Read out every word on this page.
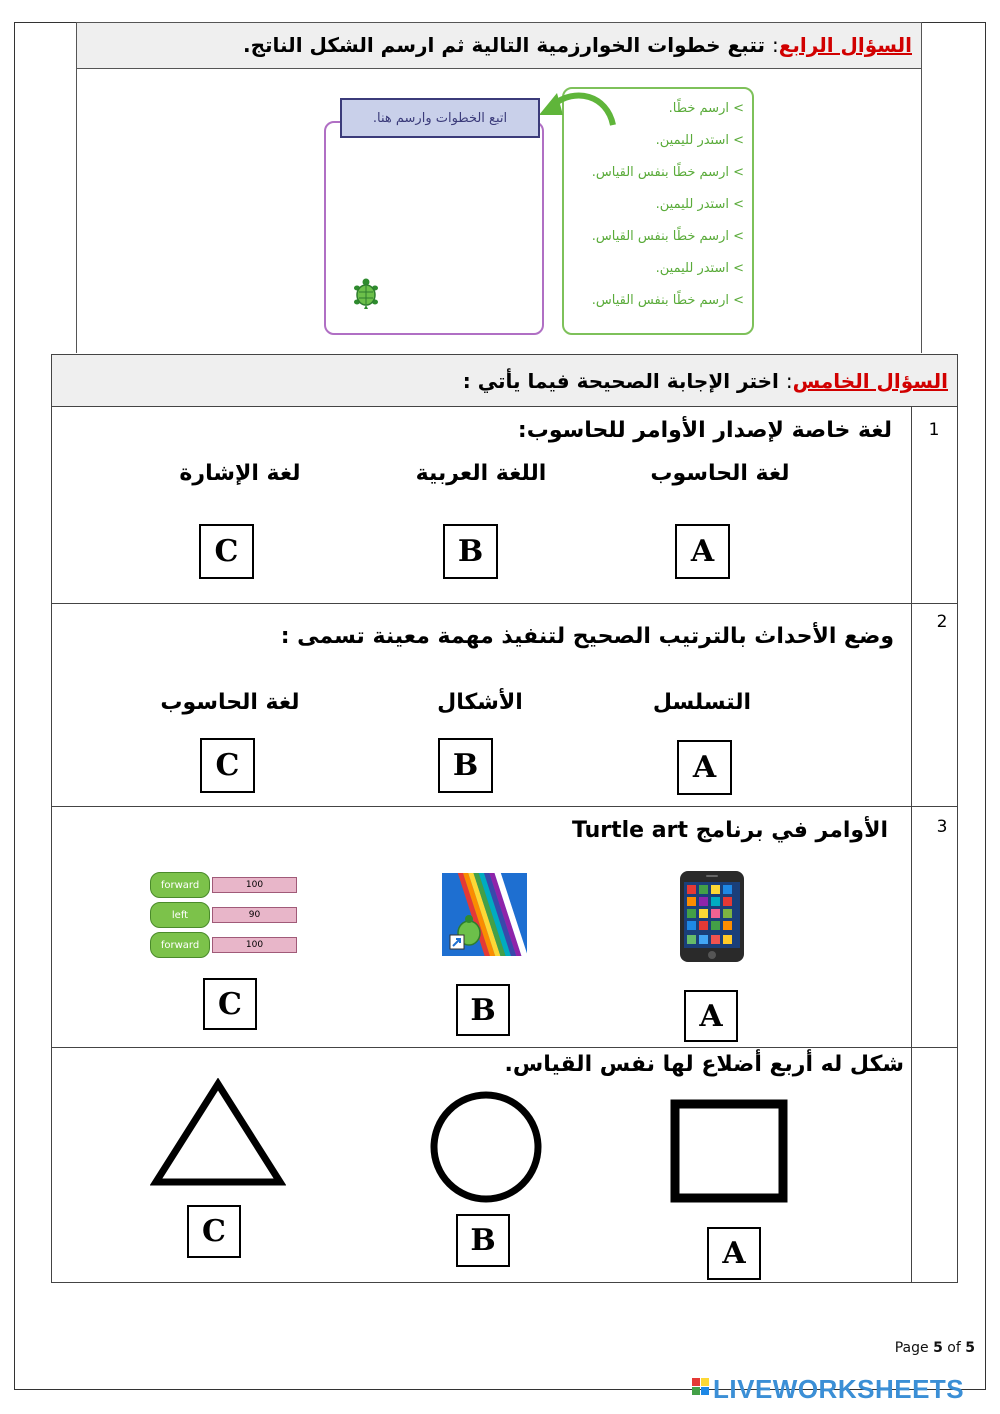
السؤال الرابع: تتبع خطوات الخوارزمية التالية ثم ارسم الشكل الناتج.
> ارسم خطًا.
> استدر لليمين.
> ارسم خطًا بنفس القياس.
> استدر لليمين.
> ارسم خطًا بنفس القياس.
> استدر لليمين.
> ارسم خطًا بنفس القياس.
اتبع الخطوات وارسم هنا.
السؤال الخامس: اختر الإجابة الصحيحة فيما يأتي :
1
لغة خاصة لإصدار الأوامر للحاسوب:
لغة الحاسوب
اللغة العربية
لغة الإشارة
A
B
C
2
وضع الأحداث بالترتيب الصحيح لتنفيذ مهمة معينة تسمى :
التسلسل
الأشكال
لغة الحاسوب
A
B
C
3
الأوامر في برنامج Turtle art
forward	100
left	90
forward	100
A
B
C
شكل له أربع أضلاع لها نفس القياس.
A
B
C
Page 5 of 5
LIVEWORKSHEETS
